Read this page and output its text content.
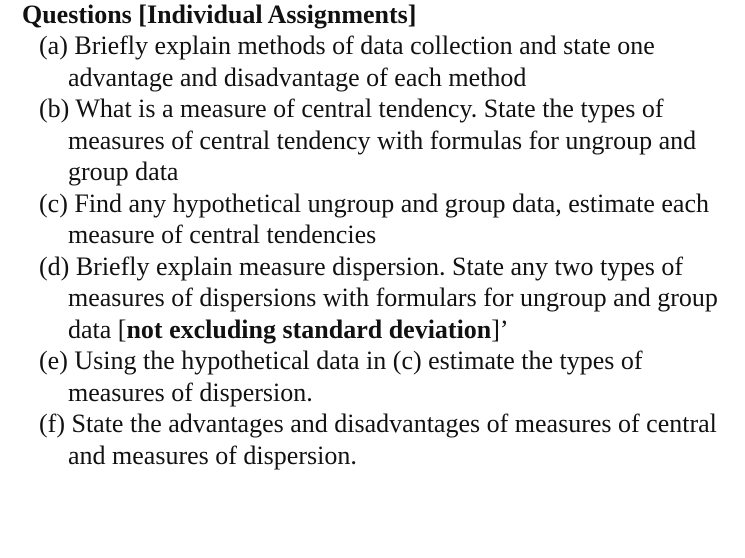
Questions [Individual Assignments]
(a) Briefly explain methods of data collection and state one advantage and disadvantage of each method
(b) What is a measure of central tendency. State the types of measures of central tendency with formulas for ungroup and group data
(c) Find any hypothetical ungroup and group data, estimate each measure of central tendencies
(d) Briefly explain measure dispersion. State any two types of measures of dispersions with formulars for ungroup and group data [not excluding standard deviation]’
(e) Using the hypothetical data in (c) estimate the types of measures of dispersion.
(f) State the advantages and disadvantages of measures of central and measures of dispersion.
